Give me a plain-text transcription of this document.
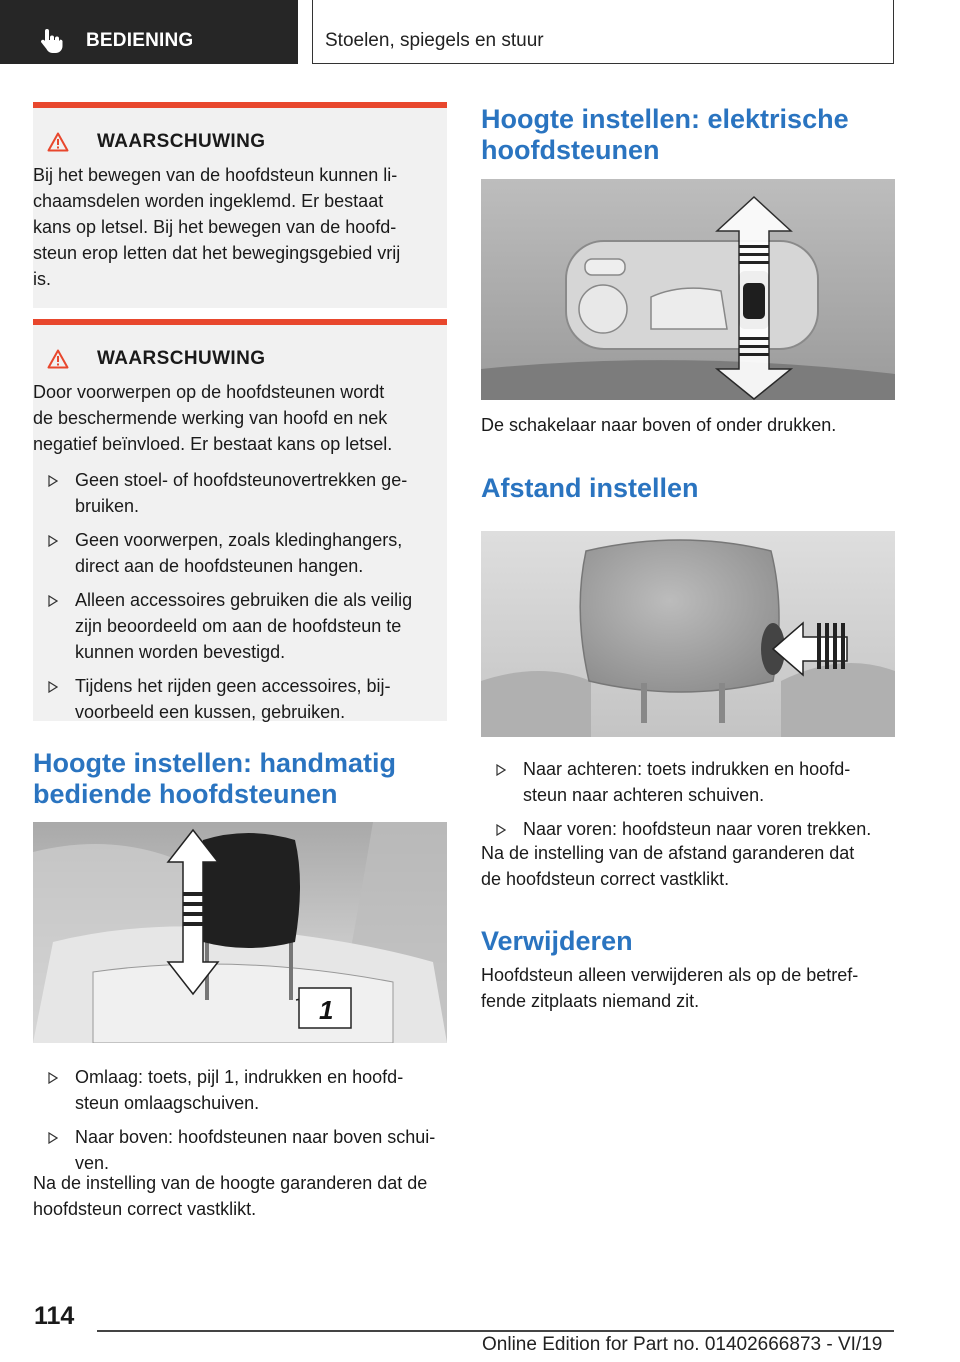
BEDIENING	Stoelen, spiegels en stuur
WAARSCHUWING
Bij het bewegen van de hoofdsteun kunnen li-
chaamsdelen worden ingeklemd. Er bestaat
kans op letsel. Bij het bewegen van de hoofd-
steun erop letten dat het bewegingsgebied vrij
is.
WAARSCHUWING
Door voorwerpen op de hoofdsteunen wordt
de beschermende werking van hoofd en nek
negatief beïnvloed. Er bestaat kans op letsel.
Geen stoel- of hoofdsteunovertrekken ge-
bruiken.
Geen voorwerpen, zoals kledinghangers,
direct aan de hoofdsteunen hangen.
Alleen accessoires gebruiken die als veilig
zijn beoordeeld om aan de hoofdsteun te
kunnen worden bevestigd.
Tijdens het rijden geen accessoires, bij-
voorbeeld een kussen, gebruiken.
Hoogte instellen: handmatig
bediende hoofdsteunen
1
Omlaag: toets, pijl 1, indrukken en hoofd-
steun omlaagschuiven.
Naar boven: hoofdsteunen naar boven schui-
ven.
Na de instelling van de hoogte garanderen dat de
hoofdsteun correct vastklikt.
Hoogte instellen: elektrische
hoofdsteunen
De schakelaar naar boven of onder drukken.
Afstand instellen
Naar achteren: toets indrukken en hoofd-
steun naar achteren schuiven.
Naar voren: hoofdsteun naar voren trekken.
Na de instelling van de afstand garanderen dat
de hoofdsteun correct vastklikt.
Verwijderen
Hoofdsteun alleen verwijderen als op de betref-
fende zitplaats niemand zit.
114
Online Edition for Part no. 01402666873 - VI/19
